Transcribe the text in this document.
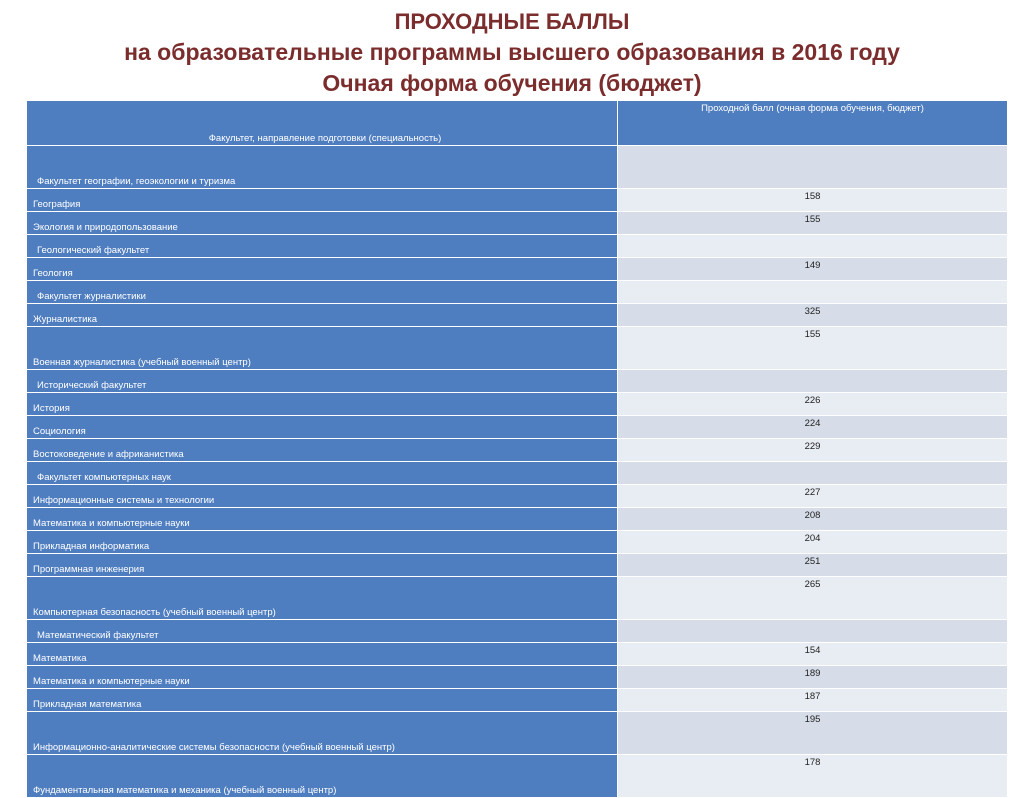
ПРОХОДНЫЕ БАЛЛЫ
на образовательные программы высшего образования в 2016 году
Очная форма обучения (бюджет)
Факультет, направление подготовки (специальность)	Проходной балл (очная форма обучения, бюджет)
Факультет географии, геоэкологии и туризма	
География	158
Экология и природопользование	155
Геологический факультет	
Геология	149
Факультет журналистики	
Журналистика	325
Военная журналистика (учебный военный центр)	155
Исторический факультет	
История	226
Социология	224
Востоковедение и африканистика	229
Факультет компьютерных наук	
Информационные системы и технологии	227
Математика и компьютерные науки	208
Прикладная информатика	204
Программная инженерия	251
Компьютерная безопасность (учебный военный центр)	265
Математический факультет	
Математика	154
Математика и компьютерные науки	189
Прикладная математика	187
Информационно-аналитические системы безопасности (учебный военный центр)	195
Фундаментальная математика и механика (учебный военный центр)	178
